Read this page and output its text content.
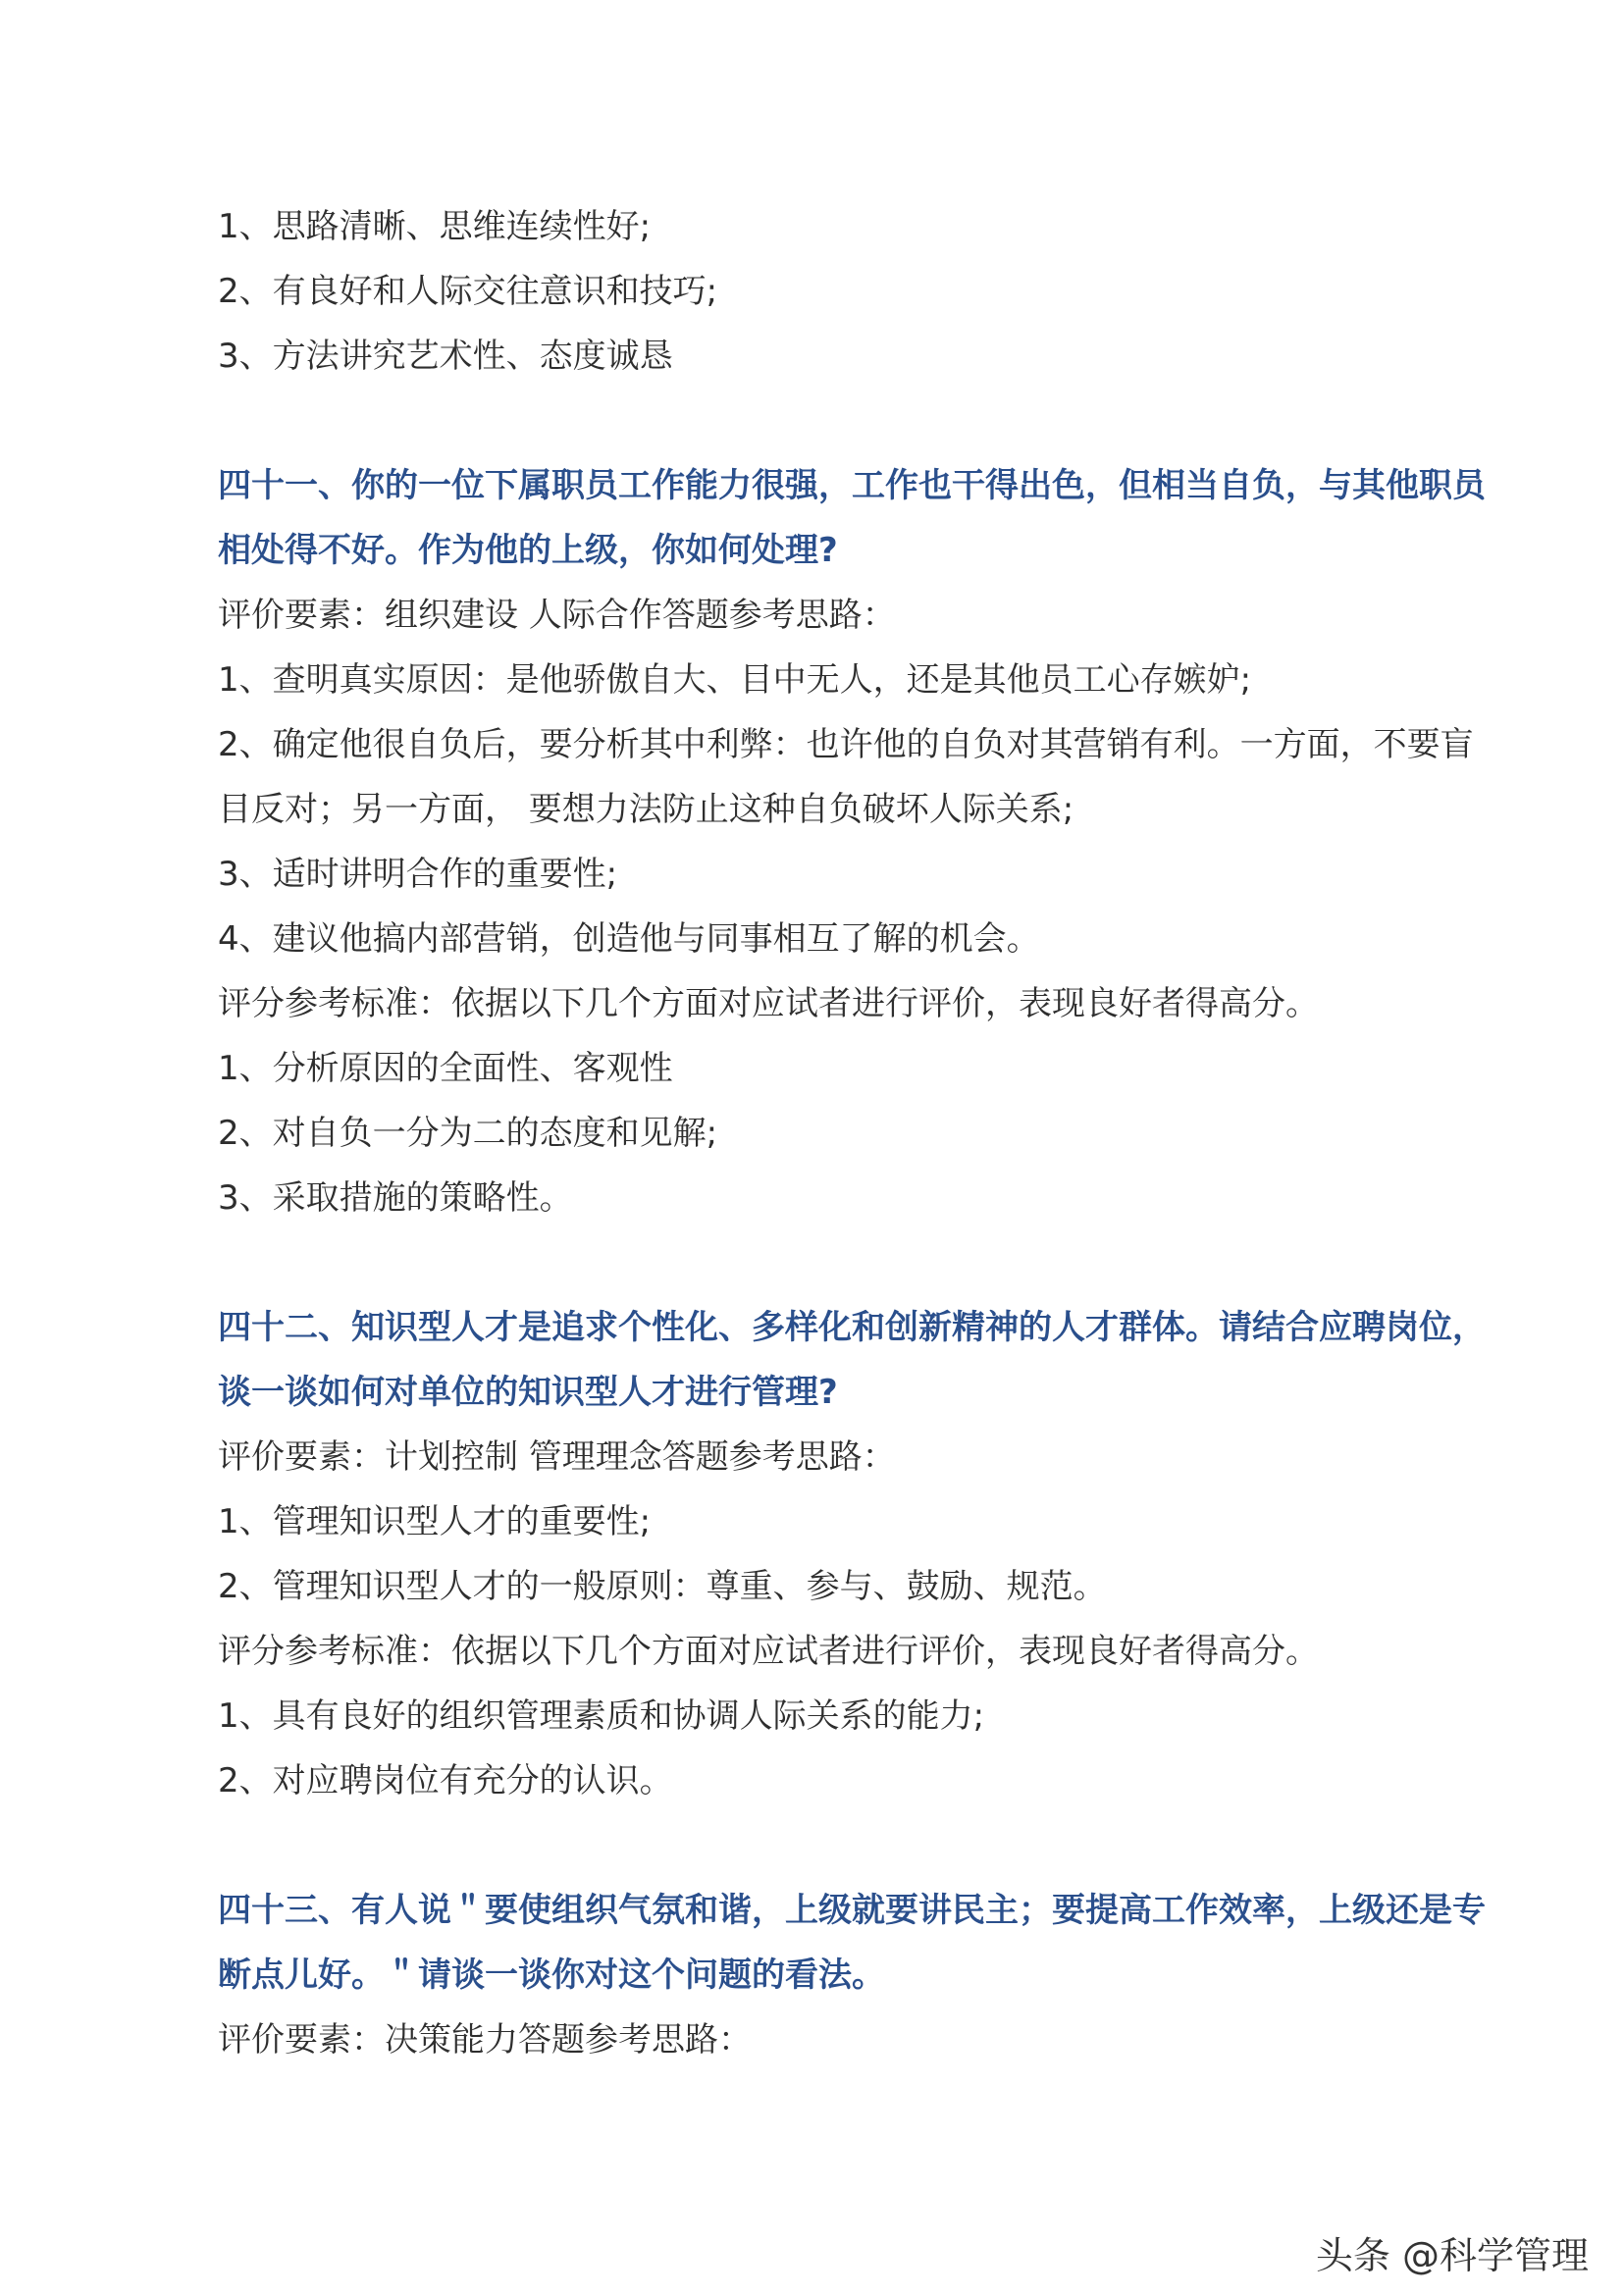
1、思路清晰、思维连续性好;
2、有良好和人际交往意识和技巧;
3、方法讲究艺术性、态度诚恳
四十一、你的一位下属职员工作能力很强，工作也干得出色，但相当自负，与其他职员
相处得不好。作为他的上级，你如何处理?
评价要素：组织建设 人际合作答题参考思路：
1、查明真实原因：是他骄傲自大、目中无人，还是其他员工心存嫉妒;
2、确定他很自负后，要分析其中利弊：也许他的自负对其营销有利。一方面，不要盲
目反对；另一方面， 要想力法防止这种自负破坏人际关系;
3、适时讲明合作的重要性;
4、建议他搞内部营销，创造他与同事相互了解的机会。
评分参考标准：依据以下几个方面对应试者进行评价，表现良好者得高分。
1、分析原因的全面性、客观性
2、对自负一分为二的态度和见解;
3、采取措施的策略性。
四十二、知识型人才是追求个性化、多样化和创新精神的人才群体。请结合应聘岗位，
谈一谈如何对单位的知识型人才进行管理?
评价要素：计划控制 管理理念答题参考思路：
1、管理知识型人才的重要性;
2、管理知识型人才的一般原则：尊重、参与、鼓励、规范。
评分参考标准：依据以下几个方面对应试者进行评价，表现良好者得高分。
1、具有良好的组织管理素质和协调人际关系的能力;
2、对应聘岗位有充分的认识。
四十三、有人说＂要使组织气氛和谐，上级就要讲民主；要提高工作效率，上级还是专
断点儿好。＂请谈一谈你对这个问题的看法。
评价要素：决策能力答题参考思路：
头条 @科学管理
